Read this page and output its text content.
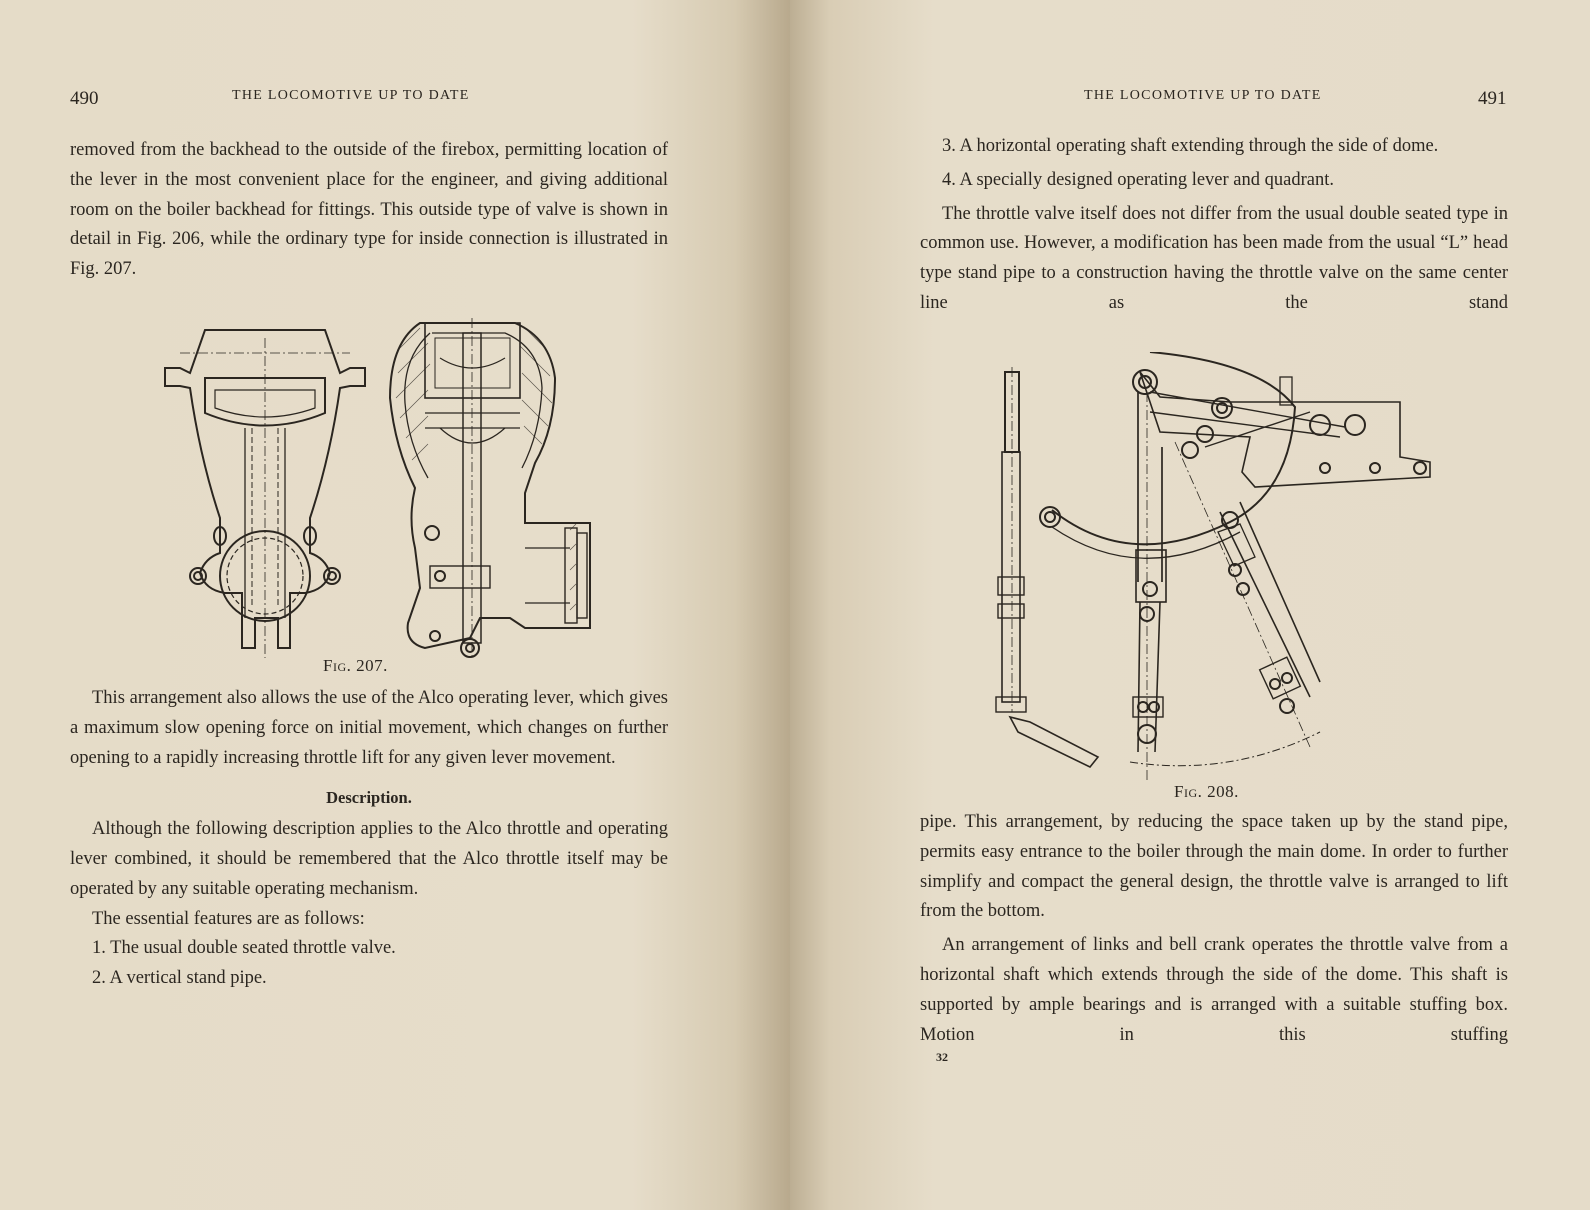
490	THE LOCOMOTIVE UP TO DATE

removed from the backhead to the outside of the firebox, permitting location of the lever in the most convenient place for the engineer, and giving additional room on the boiler backhead for fittings. This outside type of valve is shown in detail in Fig. 206, while the ordinary type for inside connection is illustrated in Fig. 207.

Fig. 207.

This arrangement also allows the use of the Alco operating lever, which gives a maximum slow opening force on initial movement, which changes on further opening to a rapidly increasing throttle lift for any given lever movement.

Description.

Although the following description applies to the Alco throttle and operating lever combined, it should be remembered that the Alco throttle itself may be operated by any suitable operating mechanism.

The essential features are as follows:

1. The usual double seated throttle valve.

2. A vertical stand pipe.

THE LOCOMOTIVE UP TO DATE	491

3. A horizontal operating shaft extending through the side of dome.

4. A specially designed operating lever and quadrant.

The throttle valve itself does not differ from the usual double seated type in common use. However, a modification has been made from the usual “L” head type stand pipe to a construction having the throttle valve on the same center line as the stand

Fig. 208.

pipe. This arrangement, by reducing the space taken up by the stand pipe, permits easy entrance to the boiler through the main dome. In order to further simplify and compact the general design, the throttle valve is arranged to lift from the bottom.

An arrangement of links and bell crank operates the throttle valve from a horizontal shaft which extends through the side of the dome. This shaft is supported by ample bearings and is arranged with a suitable stuffing box. Motion in this stuffing

32
